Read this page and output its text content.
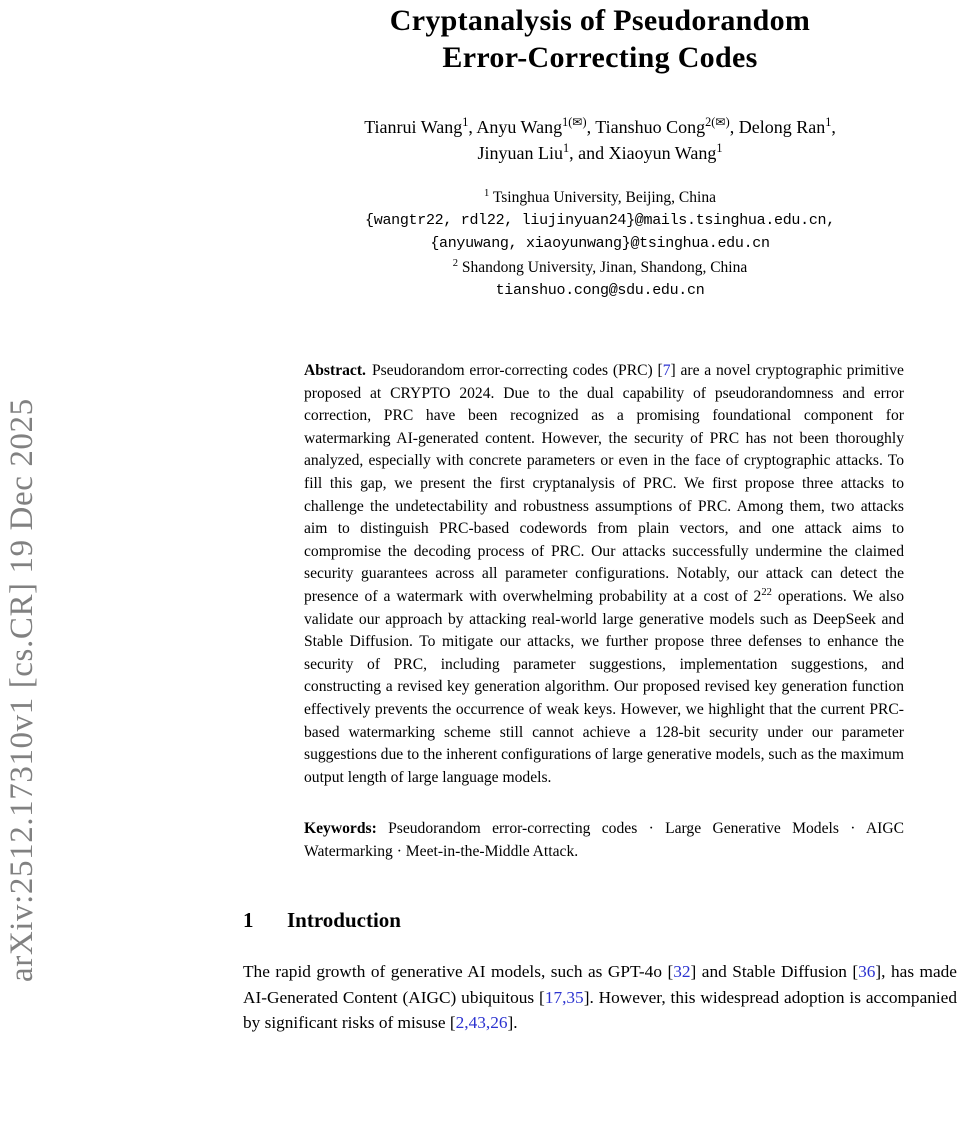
arXiv:2512.17310v1 [cs.CR] 19 Dec 2025
Cryptanalysis of Pseudorandom
Error-Correcting Codes
Tianrui Wang$^1$, Anyu Wang$^{1(✉)}$, Tianshuo Cong$^{2(✉)}$, Delong Ran$^1$,
Jinyuan Liu$^1$, and Xiaoyun Wang$^1$
$^1$ Tsinghua University, Beijing, China
{wangtr22, rdl22, liujinyuan24}@mails.tsinghua.edu.cn,
{anyuwang, xiaoyunwang}@tsinghua.edu.cn
$^2$ Shandong University, Jinan, Shandong, China
tianshuo.cong@sdu.edu.cn

Abstract. Pseudorandom error-correcting codes (PRC) [7] are a novel cryptographic primitive proposed at CRYPTO 2024. Due to the dual capability of pseudorandomness and error correction, PRC have been recognized as a promising foundational component for watermarking AI-generated content. However, the security of PRC has not been thoroughly analyzed, especially with concrete parameters or even in the face of cryptographic attacks. To fill this gap, we present the first cryptanalysis of PRC. We first propose three attacks to challenge the undetectability and robustness assumptions of PRC. Among them, two attacks aim to distinguish PRC-based codewords from plain vectors, and one attack aims to compromise the decoding process of PRC. Our attacks successfully undermine the claimed security guarantees across all parameter configurations. Notably, our attack can detect the presence of a watermark with overwhelming probability at a cost of $2^{22}$ operations. We also validate our approach by attacking real-world large generative models such as DeepSeek and Stable Diffusion. To mitigate our attacks, we further propose three defenses to enhance the security of PRC, including parameter suggestions, implementation suggestions, and constructing a revised key generation algorithm. Our proposed revised key generation function effectively prevents the occurrence of weak keys. However, we highlight that the current PRC-based watermarking scheme still cannot achieve a 128-bit security under our parameter suggestions due to the inherent configurations of large generative models, such as the maximum output length of large language models.

Keywords: Pseudorandom error-correcting codes · Large Generative Models · AIGC Watermarking · Meet-in-the-Middle Attack.

1 Introduction

The rapid growth of generative AI models, such as GPT-4o [32] and Stable Diffusion [36], has made AI-Generated Content (AIGC) ubiquitous [17,35]. However, this widespread adoption is accompanied by significant risks of misuse [2,43,26].
